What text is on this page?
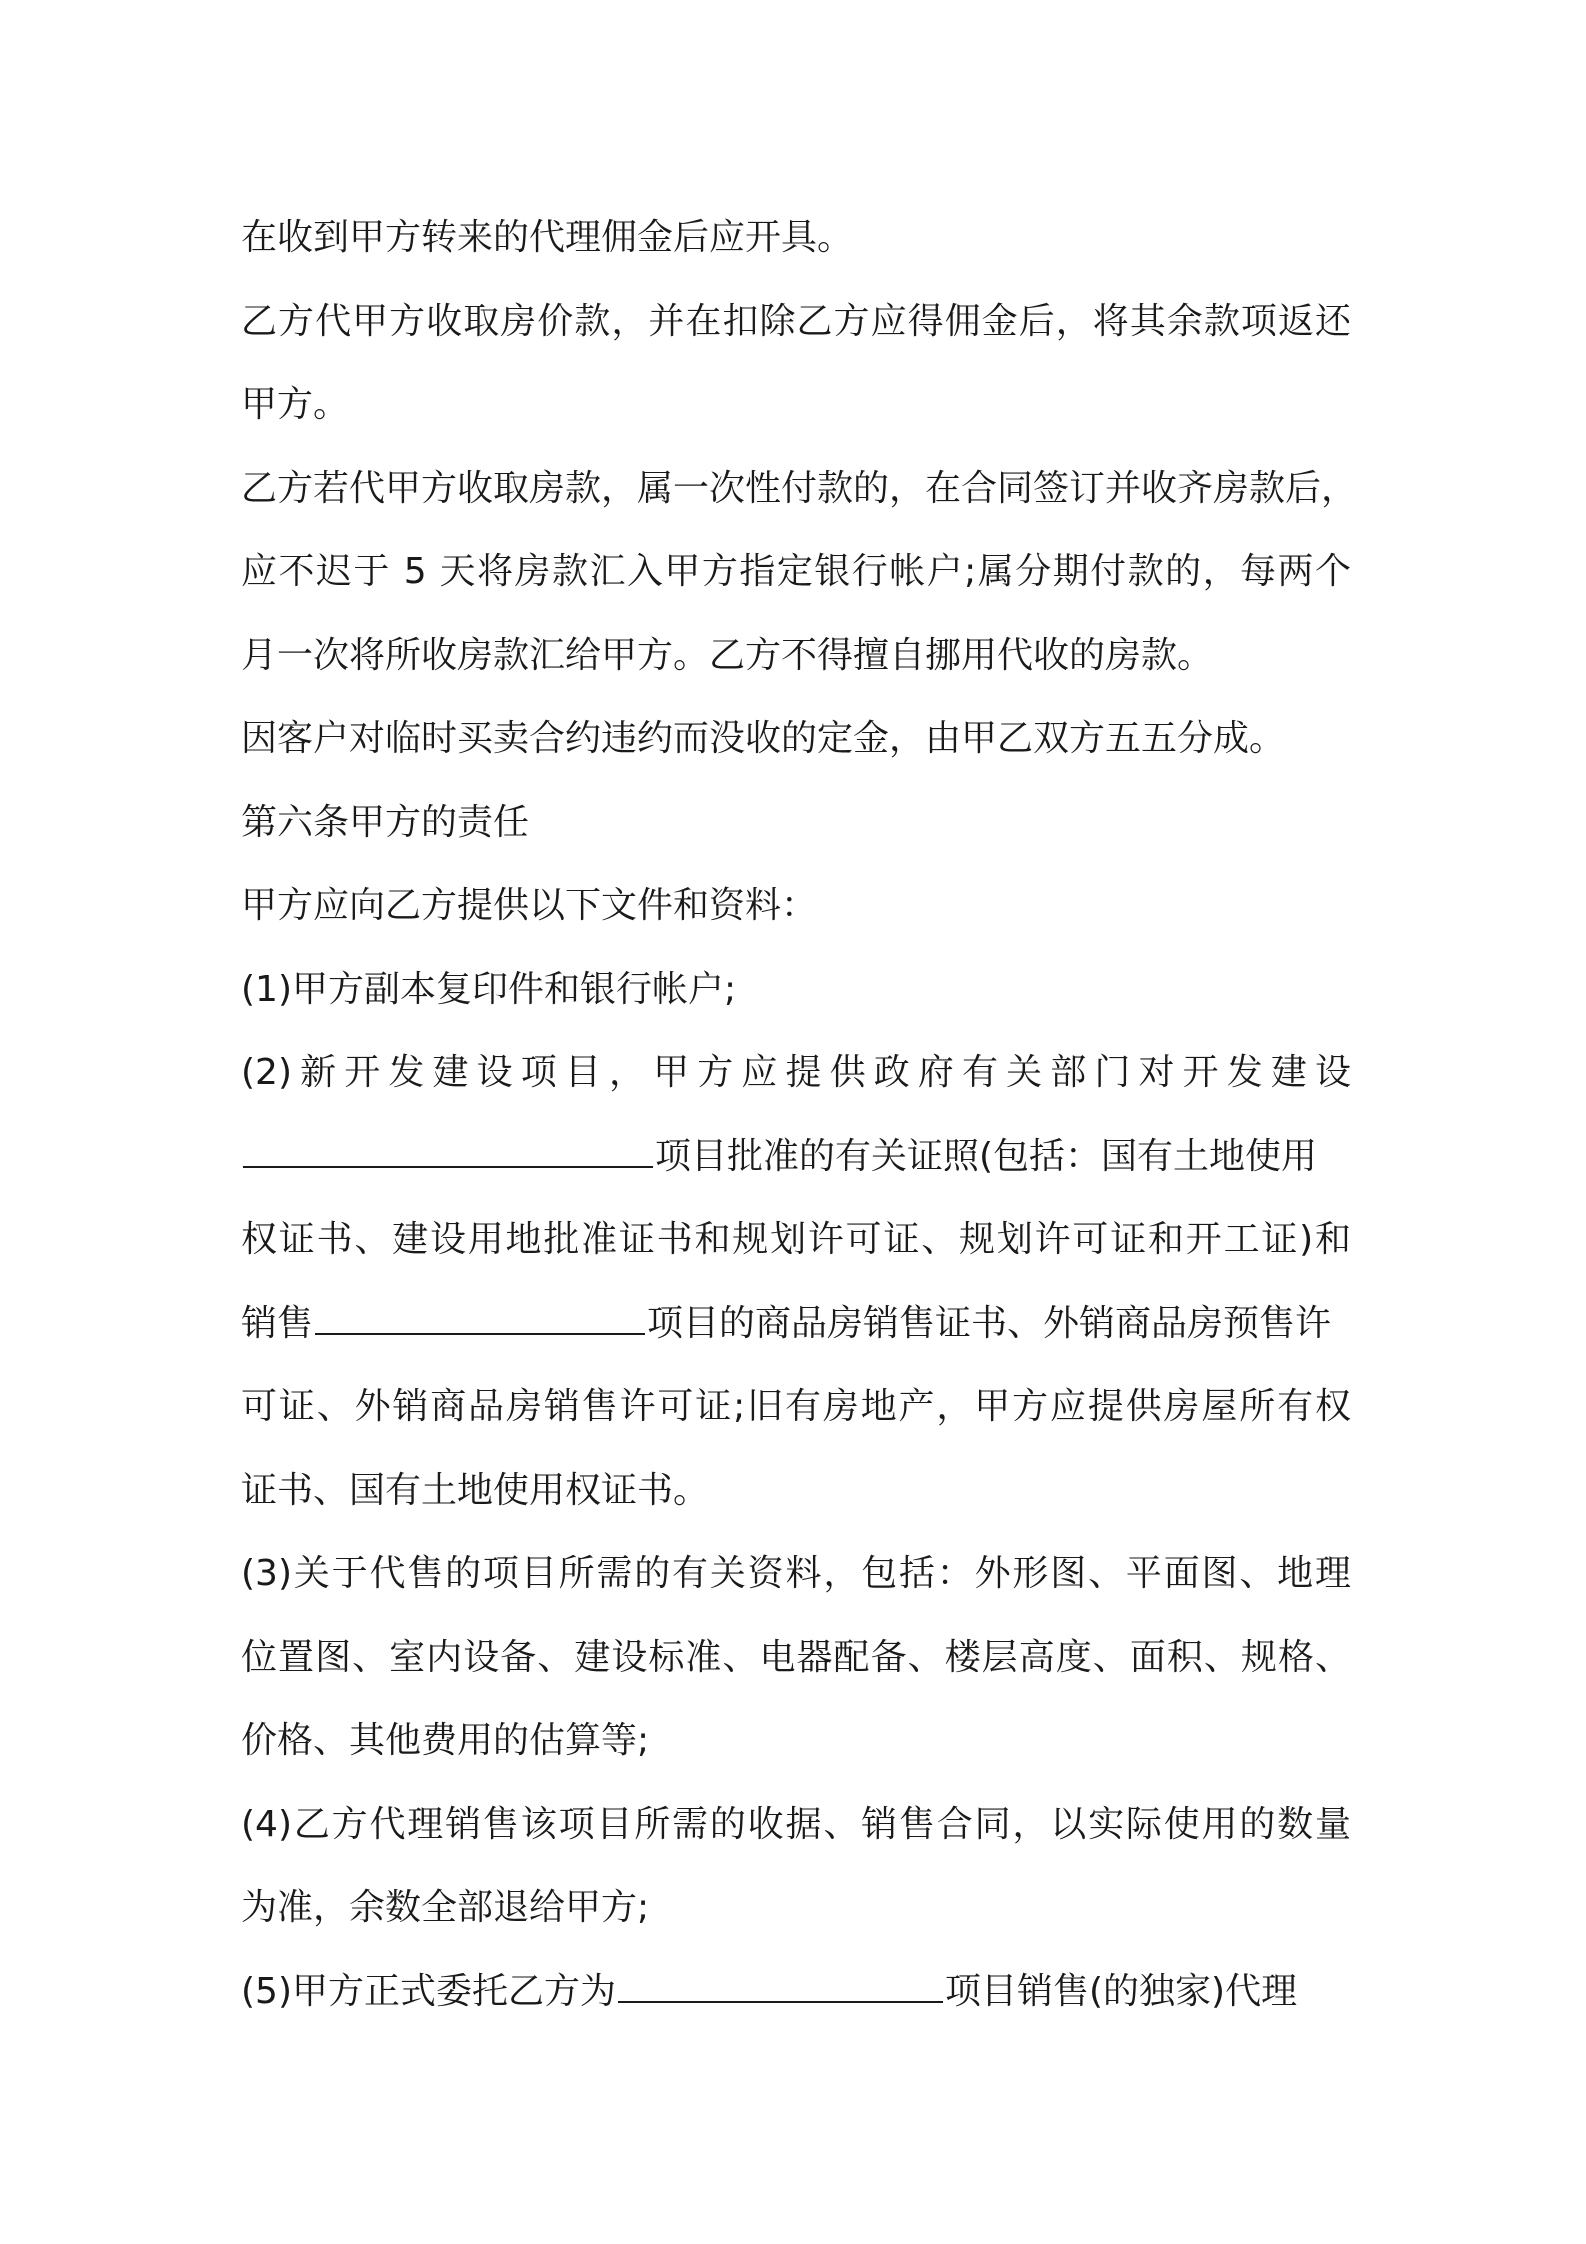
在收到甲方转来的代理佣金后应开具。
乙方代甲方收取房价款，并在扣除乙方应得佣金后，将其余款项返还
甲方。
乙方若代甲方收取房款，属一次性付款的，在合同签订并收齐房款后，
应不迟于 5 天将房款汇入甲方指定银行帐户;属分期付款的，每两个
月一次将所收房款汇给甲方。乙方不得擅自挪用代收的房款。
因客户对临时买卖合约违约而没收的定金，由甲乙双方五五分成。
第六条甲方的责任
甲方应向乙方提供以下文件和资料：
(1)甲方副本复印件和银行帐户;
(2)新开发建设项目，甲方应提供政府有关部门对开发建设
项目批准的有关证照(包括：国有土地使用
权证书、建设用地批准证书和规划许可证、规划许可证和开工证)和
销售	项目的商品房销售证书、外销商品房预售许
可证、外销商品房销售许可证;旧有房地产，甲方应提供房屋所有权
证书、国有土地使用权证书。
(3)关于代售的项目所需的有关资料，包括：外形图、平面图、地理
位置图、室内设备、建设标准、电器配备、楼层高度、面积、规格、
价格、其他费用的估算等;
(4)乙方代理销售该项目所需的收据、销售合同，以实际使用的数量
为准，余数全部退给甲方;
(5)甲方正式委托乙方为	项目销售(的独家)代理
